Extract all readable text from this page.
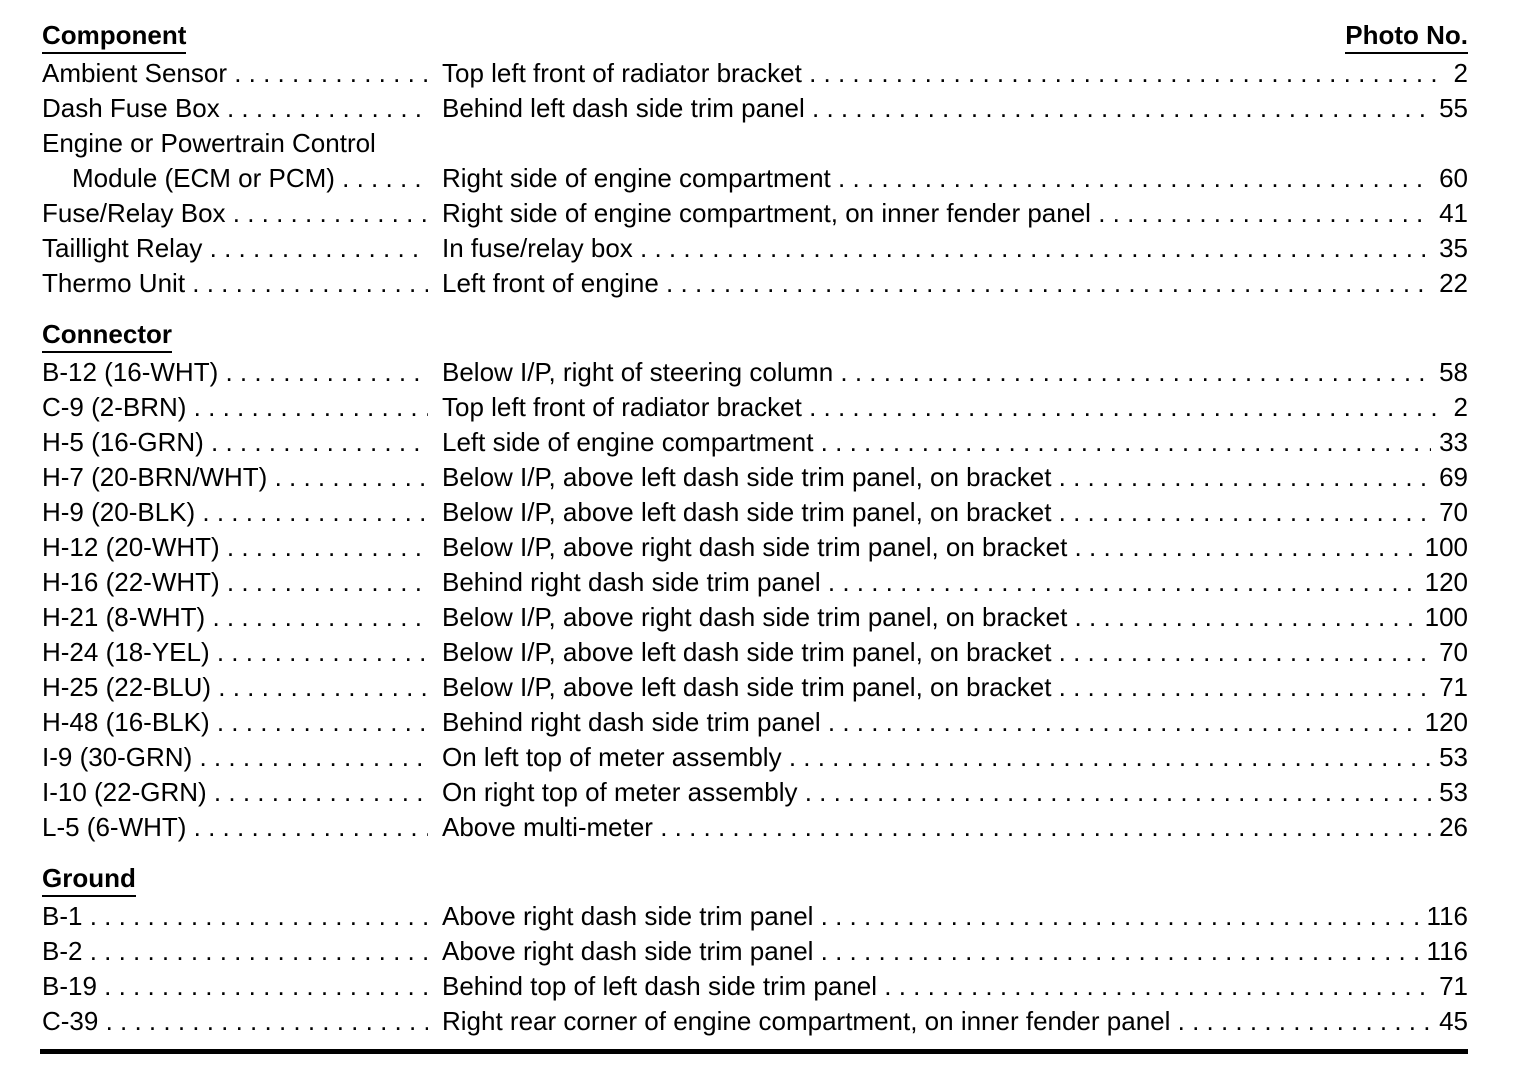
Component	Photo No.
Ambient Sensor . . .	Top left front of radiator bracket . . .	2
Dash Fuse Box . . .	Behind left dash side trim panel . . .	55
Engine or Powertrain Control
Module (ECM or PCM) . . .	Right side of engine compartment . . .	60
Fuse/Relay Box . . .	Right side of engine compartment, on inner fender panel . . .	41
Taillight Relay . . .	In fuse/relay box . . .	35
Thermo Unit . . .	Left front of engine . . .	22
Connector
B-12 (16-WHT) . . .	Below I/P, right of steering column . . .	58
C-9 (2-BRN) . . .	Top left front of radiator bracket . . .	2
H-5 (16-GRN) . . .	Left side of engine compartment . . .	33
H-7 (20-BRN/WHT) . . .	Below I/P, above left dash side trim panel, on bracket . . .	69
H-9 (20-BLK) . . .	Below I/P, above left dash side trim panel, on bracket . . .	70
H-12 (20-WHT) . . .	Below I/P, above right dash side trim panel, on bracket . . .	100
H-16 (22-WHT) . . .	Behind right dash side trim panel . . .	120
H-21 (8-WHT) . . .	Below I/P, above right dash side trim panel, on bracket . . .	100
H-24 (18-YEL) . . .	Below I/P, above left dash side trim panel, on bracket . . .	70
H-25 (22-BLU) . . .	Below I/P, above left dash side trim panel, on bracket . . .	71
H-48 (16-BLK) . . .	Behind right dash side trim panel . . .	120
I-9 (30-GRN) . . .	On left top of meter assembly . . .	53
I-10 (22-GRN) . . .	On right top of meter assembly . . .	53
L-5 (6-WHT) . . .	Above multi-meter . . .	26
Ground
B-1 . . .	Above right dash side trim panel . . .	116
B-2 . . .	Above right dash side trim panel . . .	116
B-19 . . .	Behind top of left dash side trim panel . . .	71
C-39 . . .	Right rear corner of engine compartment, on inner fender panel . . .	45
